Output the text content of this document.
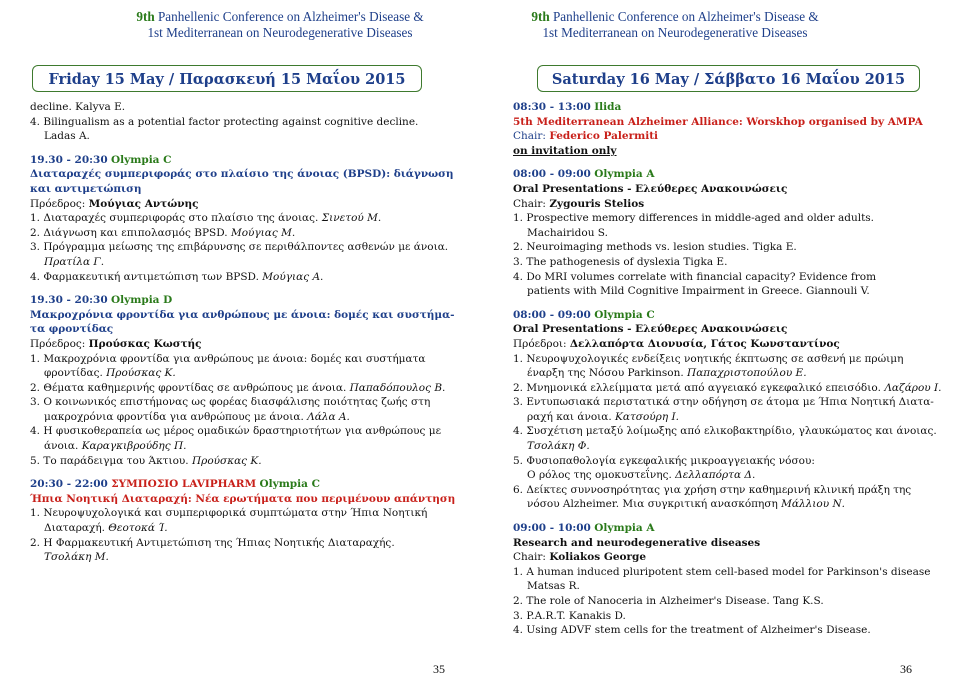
9th Panhellenic Conference on Alzheimer's Disease &
1st Mediterranean on Neurodegenerative Diseases
Friday 15 May / Παρασκευή 15 Μαΐου 2015
decline. Kalyva E.
4. Bilingualism as a potential factor protecting against cognitive decline.
Ladas A.
19.30 - 20:30 Olympia C
Διαταραχές συμπεριφοράς στο πλαίσιο της άνοιας (BPSD): διάγνωση
και αντιμετώπιση
Πρόεδρος: Μούγιας Αντώνης
1. Διαταραχές συμπεριφοράς στο πλαίσιο της άνοιας. Σινετού Μ.
2. Διάγνωση και επιπολασμός BPSD. Μούγιας Μ.
3. Πρόγραμμα μείωσης της επιβάρυνσης σε περιθάλποντες ασθενών με άνοια.
Πρατίλα Γ.
4. Φαρμακευτική αντιμετώπιση των BPSD. Μούγιας Α.
19.30 - 20:30 Olympia D
Μακροχρόνια φροντίδα για ανθρώπους με άνοια: δομές και συστήμα-
τα φροντίδας
Πρόεδρος: Προύσκας Κωστής
1. Μακροχρόνια φροντίδα για ανθρώπους με άνοια: δομές και συστήματα
φροντίδας. Προύσκας Κ.
2. Θέματα καθημερινής φροντίδας σε ανθρώπους με άνοια. Παπαδόπουλος Β.
3. Ο κοινωνικός επιστήμονας ως φορέας διασφάλισης ποιότητας ζωής στη
μακροχρόνια φροντίδα για ανθρώπους με άνοια. Λάλα Α.
4. Η φυσικοθεραπεία ως μέρος ομαδικών δραστηριοτήτων για ανθρώπους με
άνοια. Καραγκιβρούδης Π.
5. Το παράδειγμα του Άκτιου. Προύσκας Κ.
20:30 - 22:00 ΣΥΜΠΟΣΙΟ LAVIPHARM Olympia C
Ήπια Νοητική Διαταραχή: Νέα ερωτήματα που περιμένουν απάντηση
1. Νευροψυχολογικά και συμπεριφορικά συμπτώματα στην Ήπια Νοητική
Διαταραχή. Θεοτοκά Ί.
2. Η Φαρμακευτική Αντιμετώπιση της Ήπιας Νοητικής Διαταραχής.
Τσολάκη Μ.
35
9th Panhellenic Conference on Alzheimer's Disease &
1st Mediterranean on Neurodegenerative Diseases
Saturday 16 May / Σάββατο 16 Μαΐου 2015
08:30 - 13:00 Ilida
5th Mediterranean Alzheimer Alliance: Worskhop organised by AMPA
Chair: Federico Palermiti
on invitation only
08:00 - 09:00 Olympia A
Oral Presentations - Ελεύθερες Ανακοινώσεις
Chair: Zygouris Stelios
1. Prospective memory differences in middle-aged and older adults.
Machairidou S.
2. Neuroimaging methods vs. lesion studies. Tigka E.
3. The pathogenesis of dyslexia Tigka E.
4. Do MRI volumes correlate with financial capacity? Evidence from
patients with Mild Cognitive Impairment in Greece. Giannouli V.
08:00 - 09:00 Olympia C
Oral Presentations - Ελεύθερες Ανακοινώσεις
Πρόεδροι: Δελλαπόρτα Διονυσία, Γάτος Κωνσταντίνος
1. Νευροψυχολογικές ενδείξεις νοητικής έκπτωσης σε ασθενή με πρώιμη
έναρξη της Νόσου Parkinson. Παπαχριστοπούλου Ε.
2. Μνημονικά ελλείμματα μετά από αγγειακό εγκεφαλικό επεισόδιο. Λαζάρου Ι.
3. Εντυπωσιακά περιστατικά στην οδήγηση σε άτομα με Ήπια Νοητική Διατα-
ραχή και άνοια. Κατσούρη Ι.
4. Συσχέτιση μεταξύ λοίμωξης από ελικοβακτηρίδιο, γλαυκώματος και άνοιας.
Τσολάκη Φ.
5. Φυσιοπαθολογία εγκεφαλικής μικροαγγειακής νόσου:
Ο ρόλος της ομοκυστεΐνης. Δελλαπόρτα Δ.
6. Δείκτες συννοσηρότητας για χρήση στην καθημερινή κλινική πράξη της
νόσου Alzheimer. Μια συγκριτική ανασκόπηση Μάλλιου Ν.
09:00 - 10:00 Olympia A
Research and neurodegenerative diseases
Chair: Koliakos George
1. A human induced pluripotent stem cell-based model for Parkinson's disease
Matsas R.
2. The role of Nanoceria in Alzheimer's Disease. Tang K.S.
3. P.A.R.T. Kanakis D.
4. Using ADVF stem cells for the treatment of Alzheimer's Disease.
36
